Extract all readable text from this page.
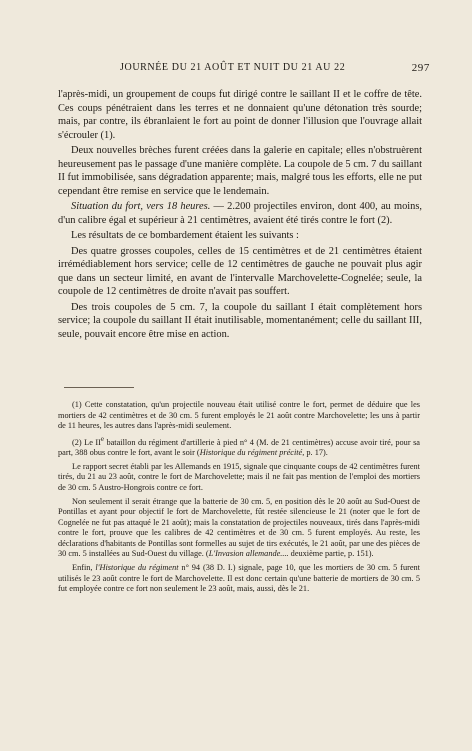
JOURNÉE DU 21 AOÛT ET NUIT DU 21 AU 22	297

l'après-midi, un groupement de coups fut dirigé contre le saillant II et le coffre de tête. Ces coups pénétraient dans les terres et ne donnaient qu'une détonation très sourde; mais, par contre, ils ébranlaient le fort au point de donner l'illusion que l'ouvrage allait s'écrouler (1).

Deux nouvelles brèches furent créées dans la galerie en capitale; elles n'obstruèrent heureusement pas le passage d'une manière complète. La coupole de 5 cm. 7 du saillant II fut immobilisée, sans dégradation apparente; mais, malgré tous les efforts, elle ne put cependant être remise en service que le lendemain.

Situation du fort, vers 18 heures. — 2.200 projectiles environ, dont 400, au moins, d'un calibre égal et supérieur à 21 centimètres, avaient été tirés contre le fort (2).

Les résultats de ce bombardement étaient les suivants :

Des quatre grosses coupoles, celles de 15 centimètres et de 21 centimètres étaient irrémédiablement hors service; celle de 12 centimètres de gauche ne pouvait plus agir que dans un secteur limité, en avant de l'intervalle Marchovelette-Cognelée; seule, la coupole de 12 centimètres de droite n'avait pas souffert.

Des trois coupoles de 5 cm. 7, la coupole du saillant I était complètement hors service; la coupole du saillant II était inutilisable, momentanément; celle du saillant III, seule, pouvait encore être mise en action.

(1) Cette constatation, qu'un projectile nouveau était utilisé contre le fort, permet de déduire que les mortiers de 42 centimètres et de 30 cm. 5 furent employés le 21 août contre Marchovelette; les uns à partir de 11 heures, les autres dans l'après-midi seulement.

(2) Le IIe bataillon du régiment d'artillerie à pied n° 4 (M. de 21 centimètres) accuse avoir tiré, pour sa part, 388 obus contre le fort, avant le soir (Historique du régiment précité, p. 17).

Le rapport secret établi par les Allemands en 1915, signale que cinquante coups de 42 centimètres furent tirés, du 21 au 23 août, contre le fort de Marchovelette; mais il ne fait pas mention de l'emploi des mortiers de 30 cm. 5 Austro-Hongrois contre ce fort.

Non seulement il serait étrange que la batterie de 30 cm. 5, en position dès le 20 août au Sud-Ouest de Pontillas et ayant pour objectif le fort de Marchovelette, fût restée silencieuse le 21 (noter que le fort de Cognelée ne fut pas attaqué le 21 août); mais la constatation de projectiles nouveaux, tirés dans l'après-midi contre le fort, prouve que les calibres de 42 centimètres et de 30 cm. 5 furent employés. Au reste, les déclarations d'habitants de Pontillas sont formelles au sujet de tirs exécutés, le 21 août, par une des pièces de 30 cm. 5 installées au Sud-Ouest du village. (L'Invasion allemande.... deuxième partie, p. 151).

Enfin, l'Historique du régiment n° 94 (38 D. I.) signale, page 10, que les mortiers de 30 cm. 5 furent utilisés le 23 août contre le fort de Marchovelette. Il est donc certain qu'une batterie de mortiers de 30 cm. 5 fut employée contre ce fort non seulement le 23 août, mais, aussi, dès le 21.
